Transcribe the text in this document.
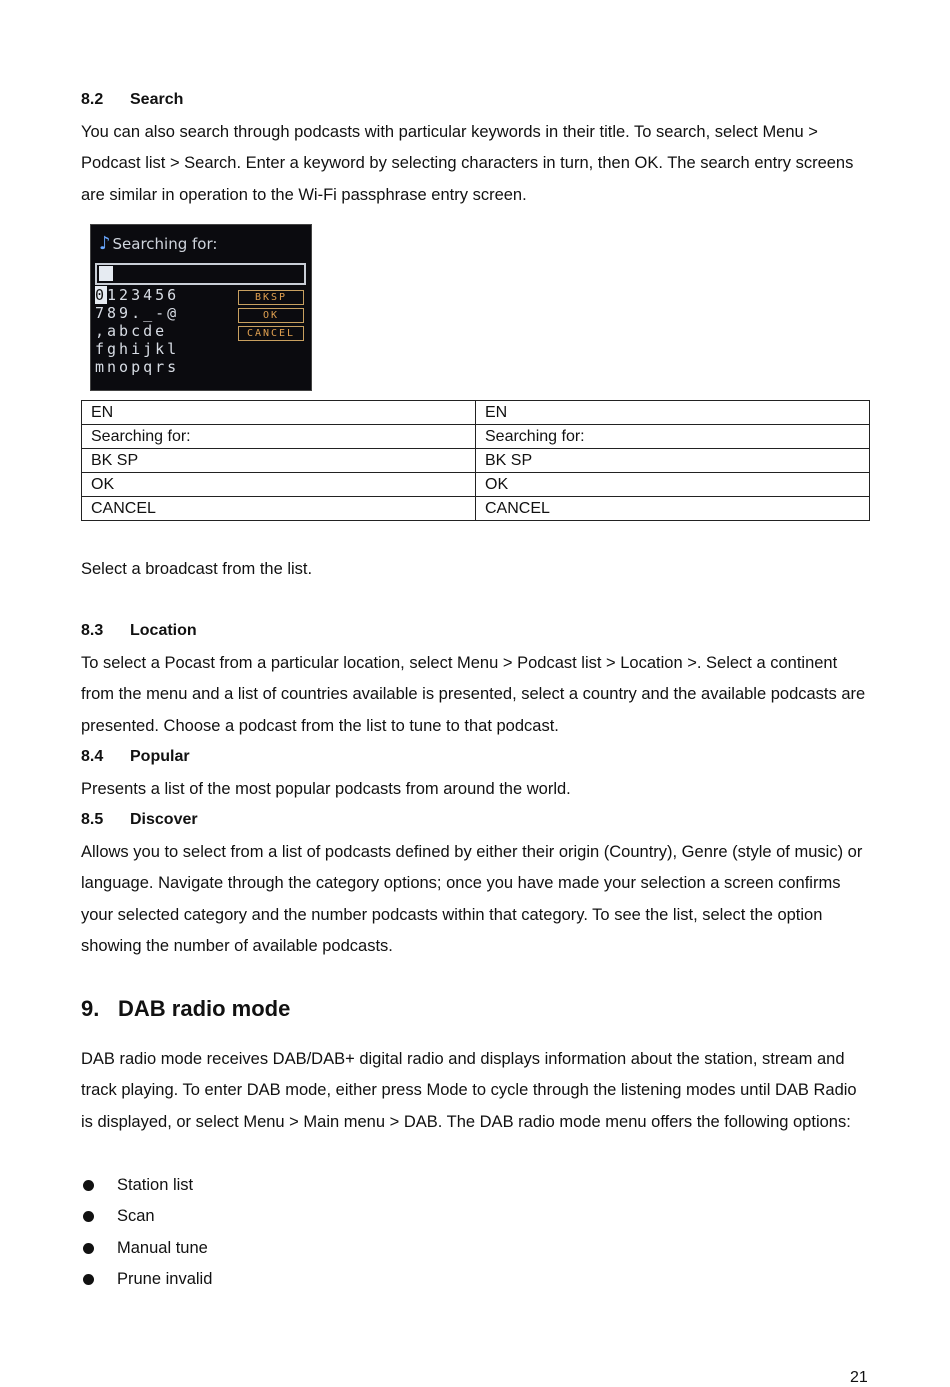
8.2 Search
You can also search through podcasts with particular keywords in their title. To search, select Menu > Podcast list > Search. Enter a keyword by selecting characters in turn, then OK. The search entry screens are similar in operation to the Wi-Fi passphrase entry screen.
♪ Searching for:
0123456
789._-@
,abcde
fghijkl
mnopqrs
BKSP
OK
CANCEL
EN	EN
Searching for:	Searching for:
BK SP	BK SP
OK	OK
CANCEL	CANCEL
Select a broadcast from the list.
8.3 Location
To select a Pocast from a particular location, select Menu > Podcast list > Location >. Select a continent from the menu and a list of countries available is presented, select a country and the available podcasts are presented. Choose a podcast from the list to tune to that podcast.
8.4 Popular
Presents a list of the most popular podcasts from around the world.
8.5 Discover
Allows you to select from a list of podcasts defined by either their origin (Country), Genre (style of music) or language. Navigate through the category options; once you have made your selection a screen confirms your selected category and the number podcasts within that category. To see the list, select the option showing the number of available podcasts.
9. DAB radio mode
DAB radio mode receives DAB/DAB+ digital radio and displays information about the station, stream and track playing. To enter DAB mode, either press Mode to cycle through the listening modes until DAB Radio is displayed, or select Menu > Main menu > DAB. The DAB radio mode menu offers the following options:
Station list
Scan
Manual tune
Prune invalid
21
